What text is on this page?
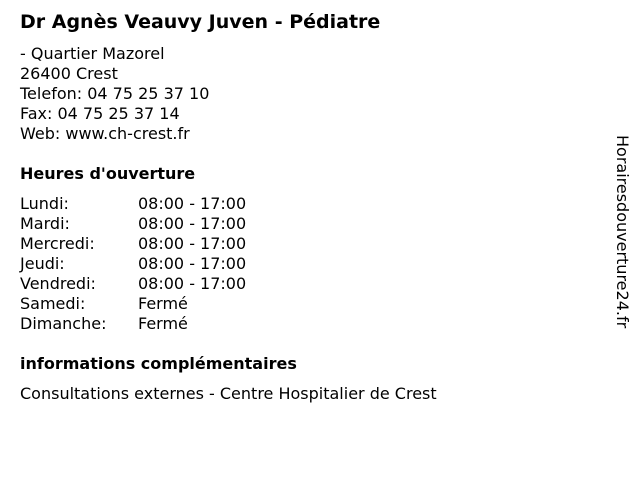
Dr Agnès Veauvy Juven - Pédiatre
- Quartier Mazorel
26400 Crest
Telefon: 04 75 25 37 10
Fax: 04 75 25 37 14
Web: www.ch-crest.fr
Heures d'ouverture
Lundi:	08:00 - 17:00
Mardi:	08:00 - 17:00
Mercredi:	08:00 - 17:00
Jeudi:	08:00 - 17:00
Vendredi:	08:00 - 17:00
Samedi:	Fermé
Dimanche: Fermé
informations complémentaires
Consultations externes - Centre Hospitalier de Crest
Horairesdouverture24.fr
